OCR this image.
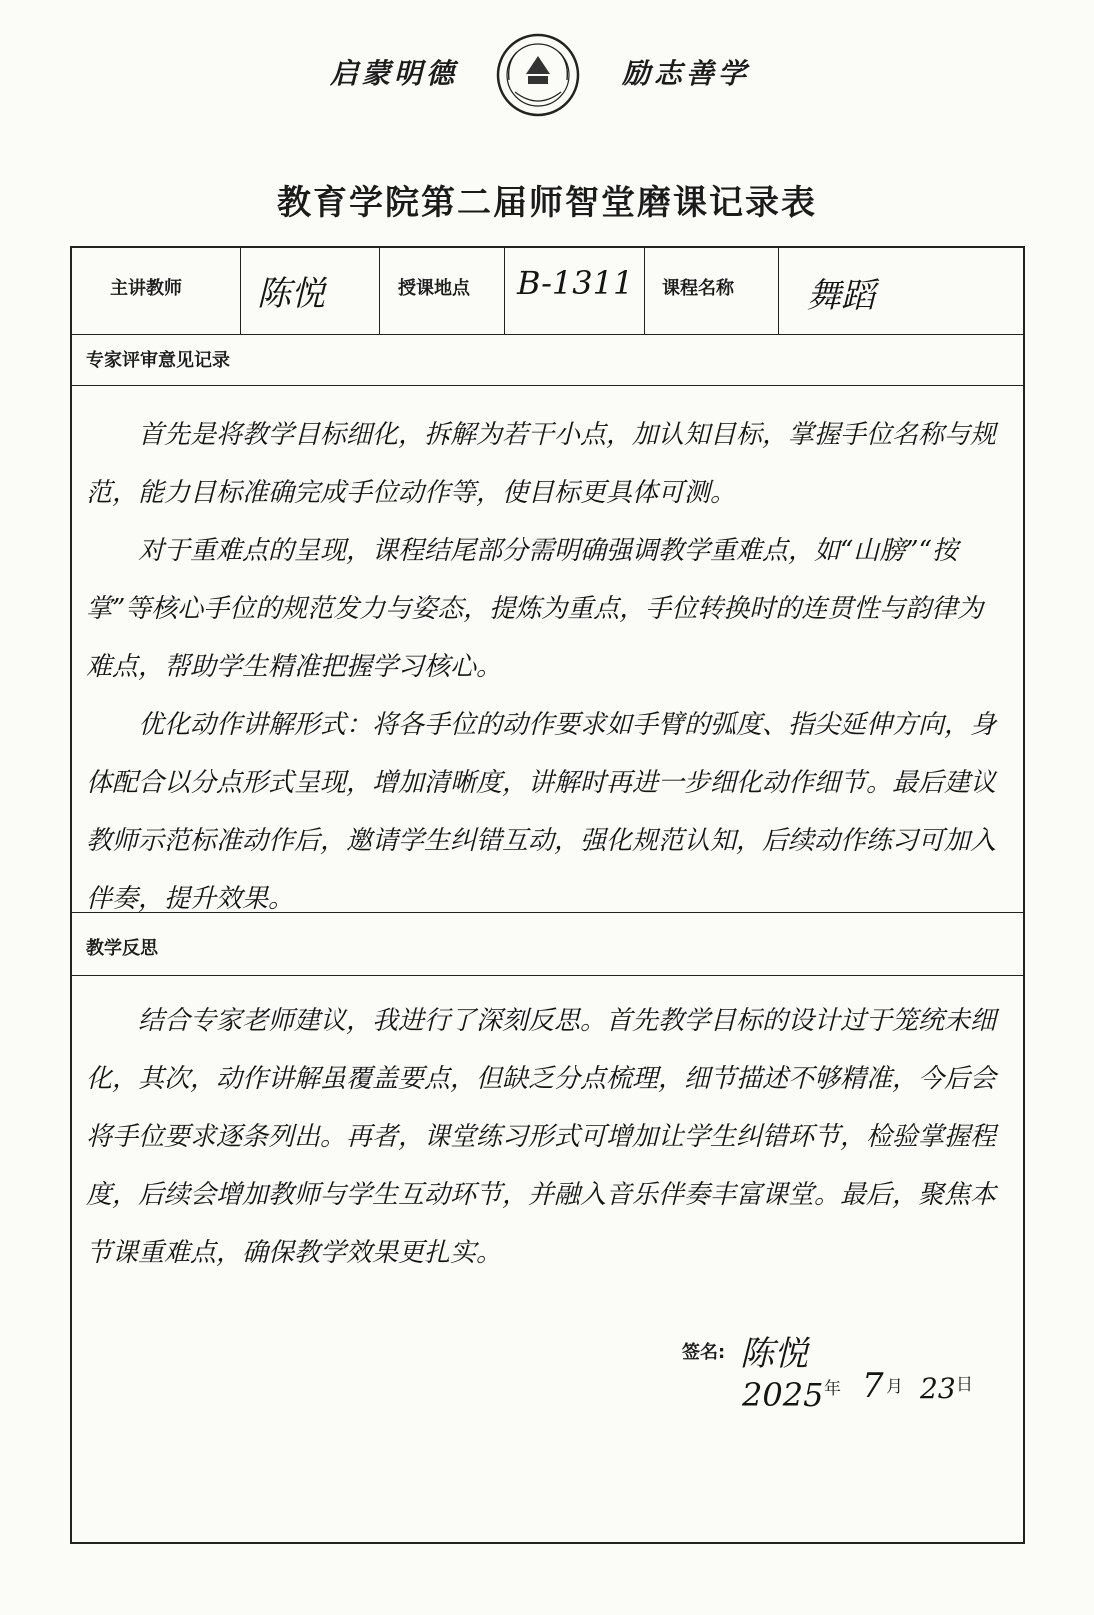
启蒙明德	励志善学
教育学院第二届师智堂磨课记录表
主讲教师 陈悦	授课地点 B-1311 课程名称 舞蹈
专家评审意见记录

首先是将教学目标细化，拆解为若干小点，加认知目标，掌握手位名称与规范，能力目标准确完成手位动作等，使目标更具体可测。

对于重难点的呈现，课程结尾部分需明确强调教学重难点，如“山膀”“按掌”等核心手位的规范发力与姿态，提炼为重点，手位转换时的连贯性与韵律为难点，帮助学生精准把握学习核心。

优化动作讲解形式：将各手位的动作要求如手臂的弧度、指尖延伸方向，身体配合以分点形式呈现，增加清晰度，讲解时再进一步细化动作细节。最后建议教师示范标准动作后，邀请学生纠错互动，强化规范认知，后续动作练习可加入伴奏，提升效果。

教学反思

结合专家老师建议，我进行了深刻反思。首先教学目标的设计过于笼统未细化，其次，动作讲解虽覆盖要点，但缺乏分点梳理，细节描述不够精准，今后会将手位要求逐条列出。再者，课堂练习形式可增加让学生纠错环节，检验掌握程度，后续会增加教师与学生互动环节，并融入音乐伴奏丰富课堂。最后，聚焦本节课重难点，确保教学效果更扎实。

签名: 陈悦
2025 年 7 月 23 日
